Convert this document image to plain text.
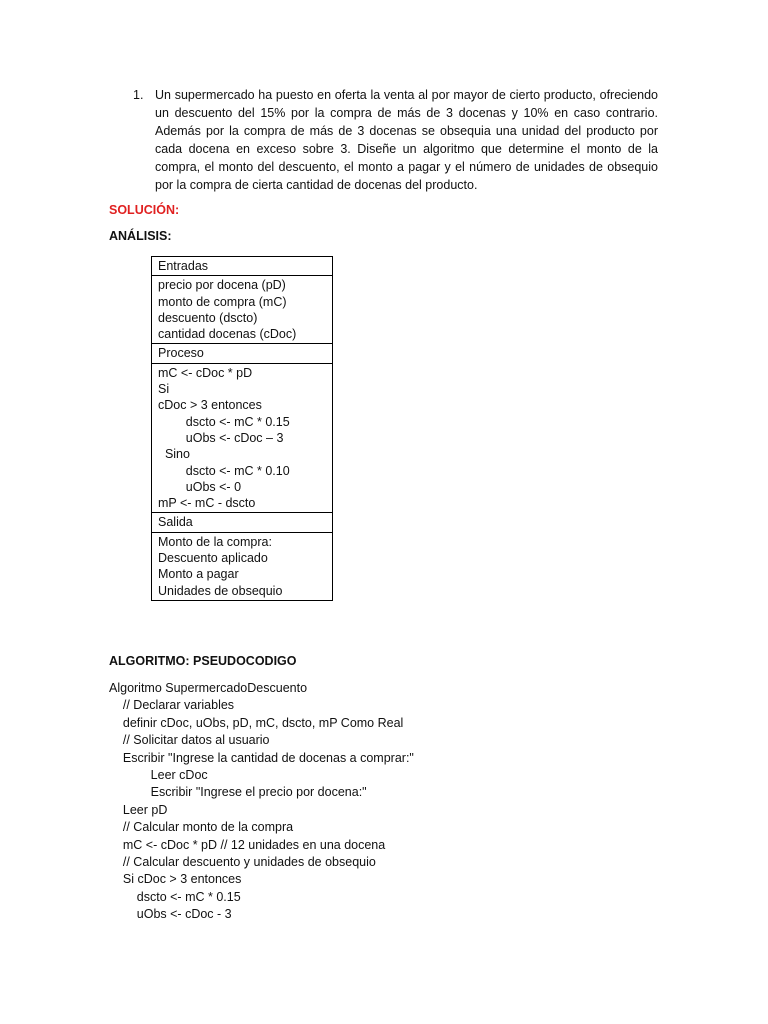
1. Un supermercado ha puesto en oferta la venta al por mayor de cierto producto, ofreciendo un descuento del 15% por la compra de más de 3 docenas y 10% en caso contrario. Además por la compra de más de 3 docenas se obsequia una unidad del producto por cada docena en exceso sobre 3. Diseñe un algoritmo que determine el monto de la compra, el monto del descuento, el monto a pagar y el número de unidades de obsequio por la compra de cierta cantidad de docenas del producto.
SOLUCIÓN:
ANÁLISIS:
Entradas

precio por docena (pD)
monto de compra (mC)
descuento (dscto)
cantidad docenas (cDoc)

Proceso

mC <- cDoc * pD
Si
cDoc > 3 entonces
dscto <- mC * 0.15
uObs <- cDoc – 3
Sino
dscto <- mC * 0.10
uObs <- 0
mP <- mC - dscto

Salida

Monto de la compra:
Descuento aplicado
Monto a pagar
Unidades de obsequio
ALGORITMO: PSEUDOCODIGO
Algoritmo SupermercadoDescuento
// Declarar variables
definir cDoc, uObs, pD, mC, dscto, mP Como Real
// Solicitar datos al usuario
Escribir "Ingrese la cantidad de docenas a comprar:"
Leer cDoc
Escribir "Ingrese el precio por docena:"
Leer pD
// Calcular monto de la compra
mC <- cDoc * pD // 12 unidades en una docena
// Calcular descuento y unidades de obsequio
Si cDoc > 3 entonces
dscto <- mC * 0.15
uObs <- cDoc - 3
